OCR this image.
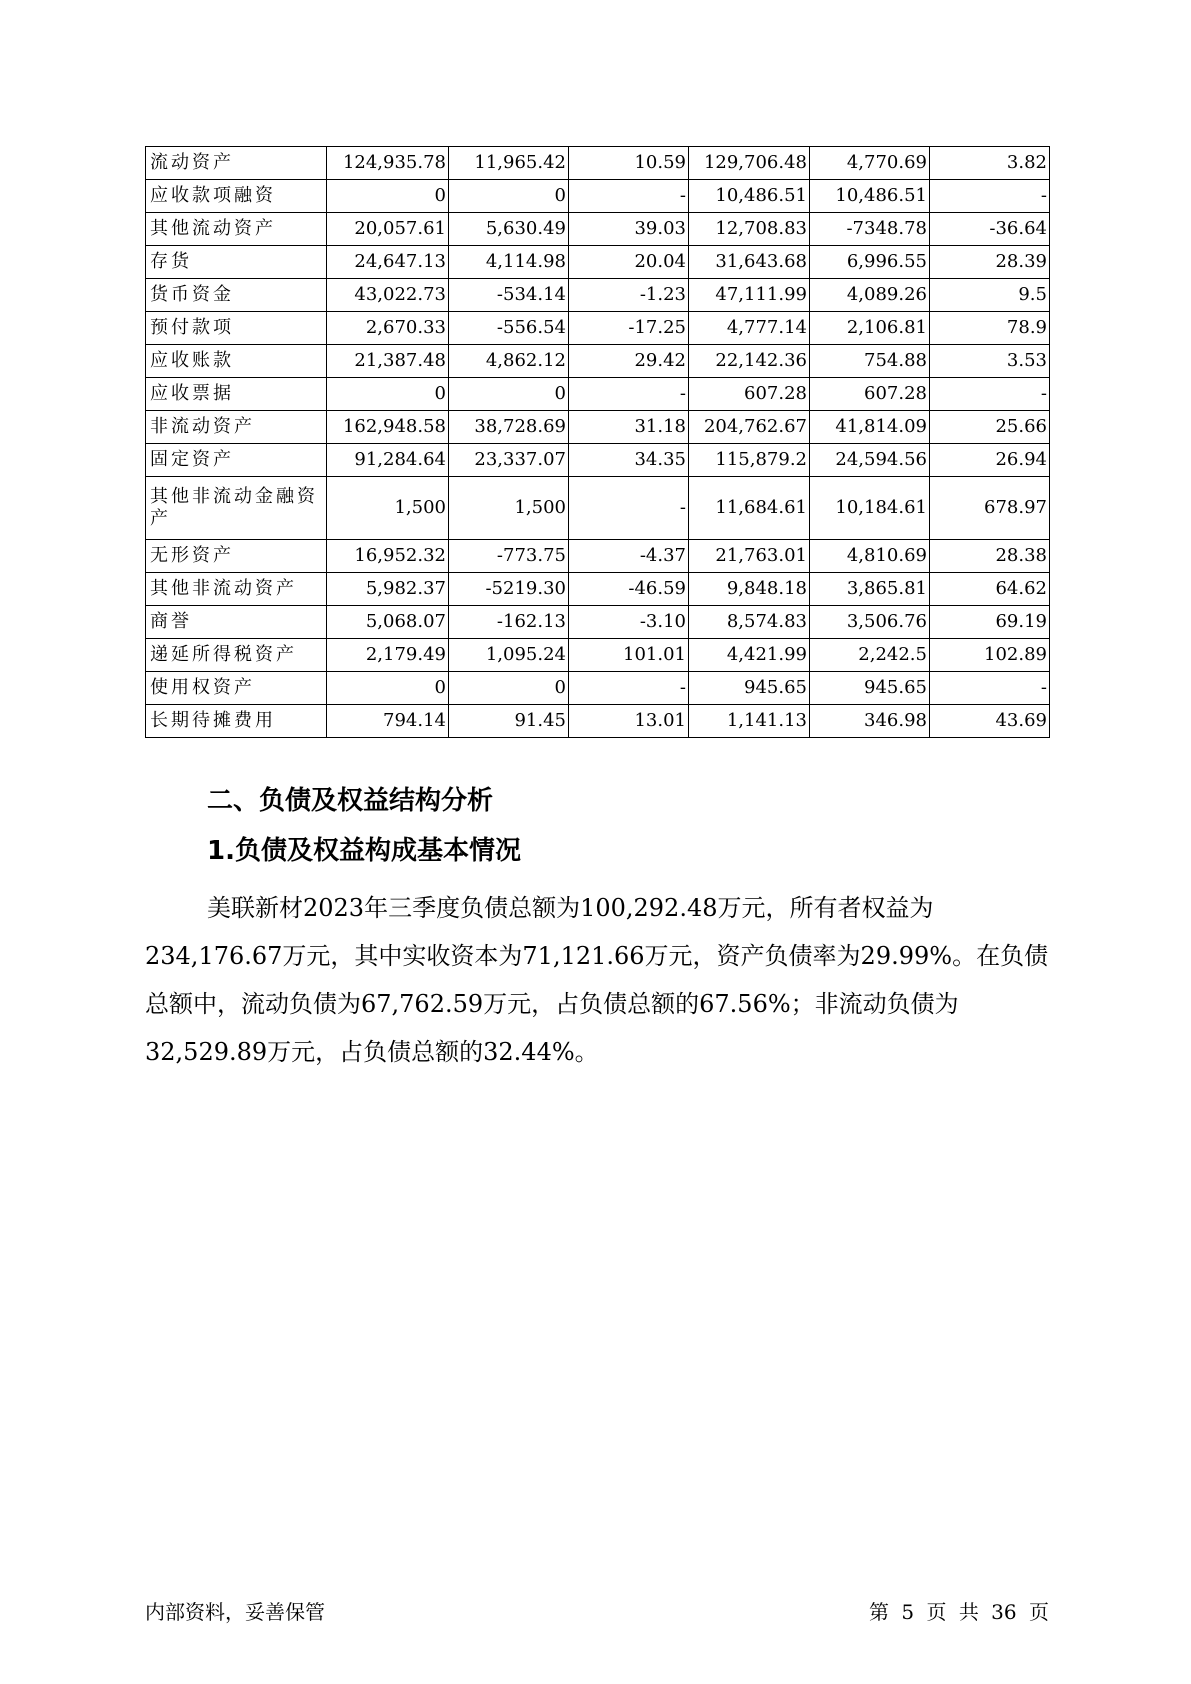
流动资产	124,935.78	11,965.42	10.59	129,706.48	4,770.69	3.82
应收款项融资	0	0	-	10,486.51	10,486.51	-
其他流动资产	20,057.61	5,630.49	39.03	12,708.83	-7348.78	-36.64
存货	24,647.13	4,114.98	20.04	31,643.68	6,996.55	28.39
货币资金	43,022.73	-534.14	-1.23	47,111.99	4,089.26	9.5
预付款项	2,670.33	-556.54	-17.25	4,777.14	2,106.81	78.9
应收账款	21,387.48	4,862.12	29.42	22,142.36	754.88	3.53
应收票据	0	0	-	607.28	607.28	-
非流动资产	162,948.58	38,728.69	31.18	204,762.67	41,814.09	25.66
固定资产	91,284.64	23,337.07	34.35	115,879.2	24,594.56	26.94
其他非流动金融资产	1,500	1,500	-	11,684.61	10,184.61	678.97
无形资产	16,952.32	-773.75	-4.37	21,763.01	4,810.69	28.38
其他非流动资产	5,982.37	-5219.30	-46.59	9,848.18	3,865.81	64.62
商誉	5,068.07	-162.13	-3.10	8,574.83	3,506.76	69.19
递延所得税资产	2,179.49	1,095.24	101.01	4,421.99	2,242.5	102.89
使用权资产	0	0	-	945.65	945.65	-
长期待摊费用	794.14	91.45	13.01	1,141.13	346.98	43.69
二、负债及权益结构分析
1.负债及权益构成基本情况

美联新材2023年三季度负债总额为100,292.48万元，所有者权益为234,176.67万元，其中实收资本为71,121.66万元，资产负债率为29.99%。在负债总额中，流动负债为67,762.59万元，占负债总额的67.56%；非流动负债为32,529.89万元，占负债总额的32.44%。

内部资料，妥善保管	第 5 页 共 36 页
